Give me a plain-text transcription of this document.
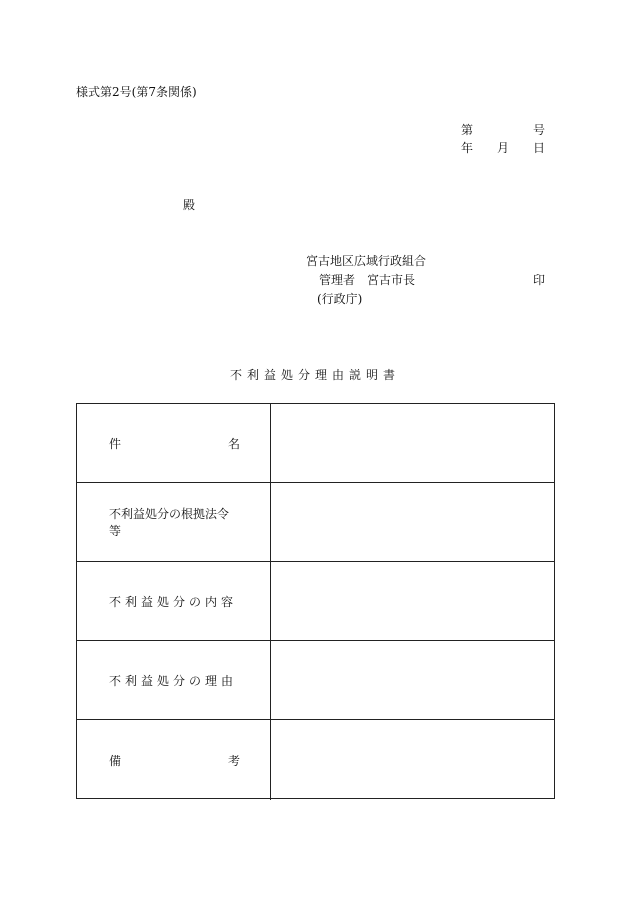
様式第2号(第7条関係)
第	号
年 月 日
殿
宮古地区広域行政組合
管理者　宮古市長	印
(行政庁)
不利益処分理由説明書
件	名
不利益処分の根拠法令等
不利益処分の内容
不利益処分の理由
備	考
